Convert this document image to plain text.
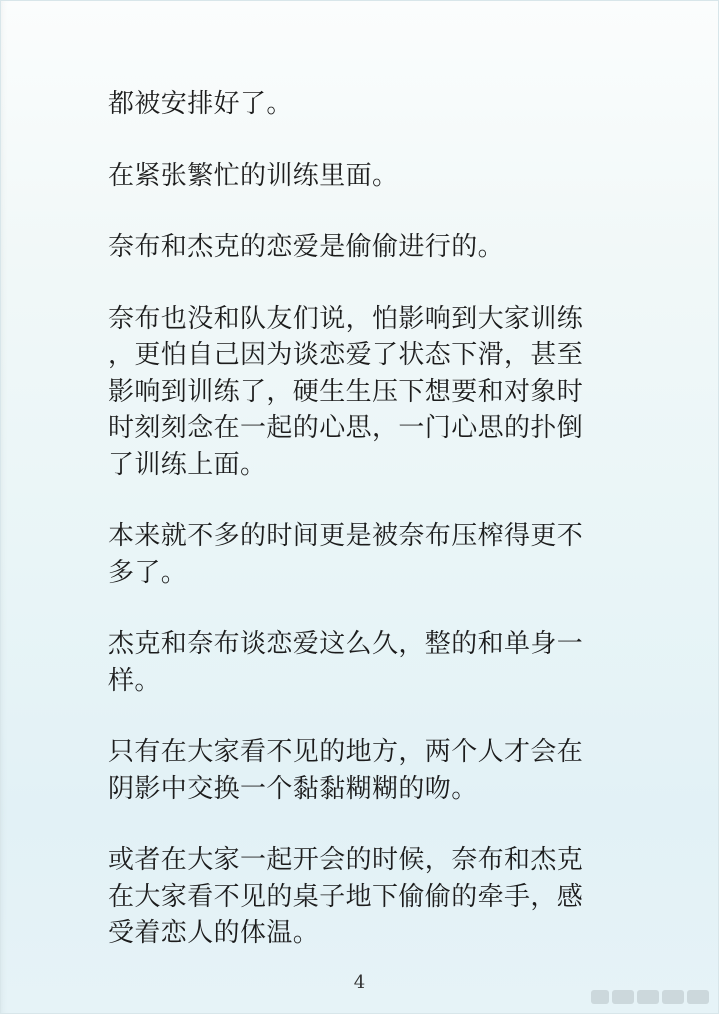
都被安排好了。

在紧张繁忙的训练里面。

奈布和杰克的恋爱是偷偷进行的。

奈布也没和队友们说，怕影响到大家训练
，更怕自己因为谈恋爱了状态下滑，甚至
影响到训练了，硬生生压下想要和对象时
时刻刻念在一起的心思，一门心思的扑倒
了训练上面。

本来就不多的时间更是被奈布压榨得更不
多了。

杰克和奈布谈恋爱这么久，整的和单身一
样。

只有在大家看不见的地方，两个人才会在
阴影中交换一个黏黏糊糊的吻。

或者在大家一起开会的时候，奈布和杰克
在大家看不见的桌子地下偷偷的牵手，感
受着恋人的体温。

4
